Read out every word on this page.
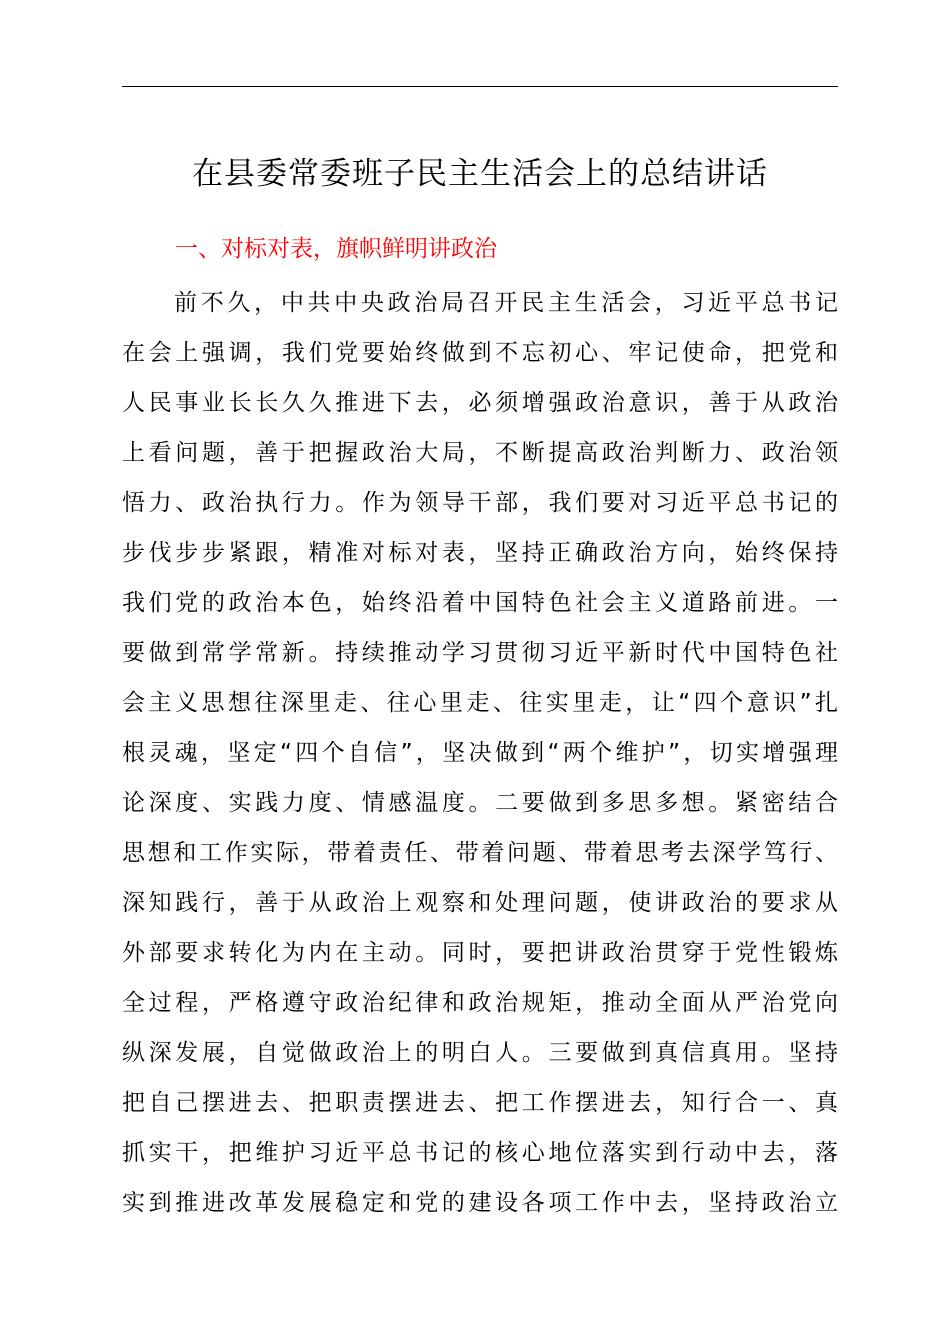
在县委常委班子民主生活会上的总结讲话
一、对标对表，旗帜鲜明讲政治
前不久，中共中央政治局召开民主生活会，习近平总书记
在会上强调，我们党要始终做到不忘初心、牢记使命，把党和
人民事业长长久久推进下去，必须增强政治意识，善于从政治
上看问题，善于把握政治大局，不断提高政治判断力、政治领
悟力、政治执行力。作为领导干部，我们要对习近平总书记的
步伐步步紧跟，精准对标对表，坚持正确政治方向，始终保持
我们党的政治本色，始终沿着中国特色社会主义道路前进。一
要做到常学常新。持续推动学习贯彻习近平新时代中国特色社
会主义思想往深里走、往心里走、往实里走，让“四个意识”扎
根灵魂，坚定“四个自信”，坚决做到“两个维护”，切实增强理
论深度、实践力度、情感温度。二要做到多思多想。紧密结合
思想和工作实际，带着责任、带着问题、带着思考去深学笃行、
深知践行，善于从政治上观察和处理问题，使讲政治的要求从
外部要求转化为内在主动。同时，要把讲政治贯穿于党性锻炼
全过程，严格遵守政治纪律和政治规矩，推动全面从严治党向
纵深发展，自觉做政治上的明白人。三要做到真信真用。坚持
把自己摆进去、把职责摆进去、把工作摆进去，知行合一、真
抓实干，把维护习近平总书记的核心地位落实到行动中去，落
实到推进改革发展稳定和党的建设各项工作中去，坚持政治立
